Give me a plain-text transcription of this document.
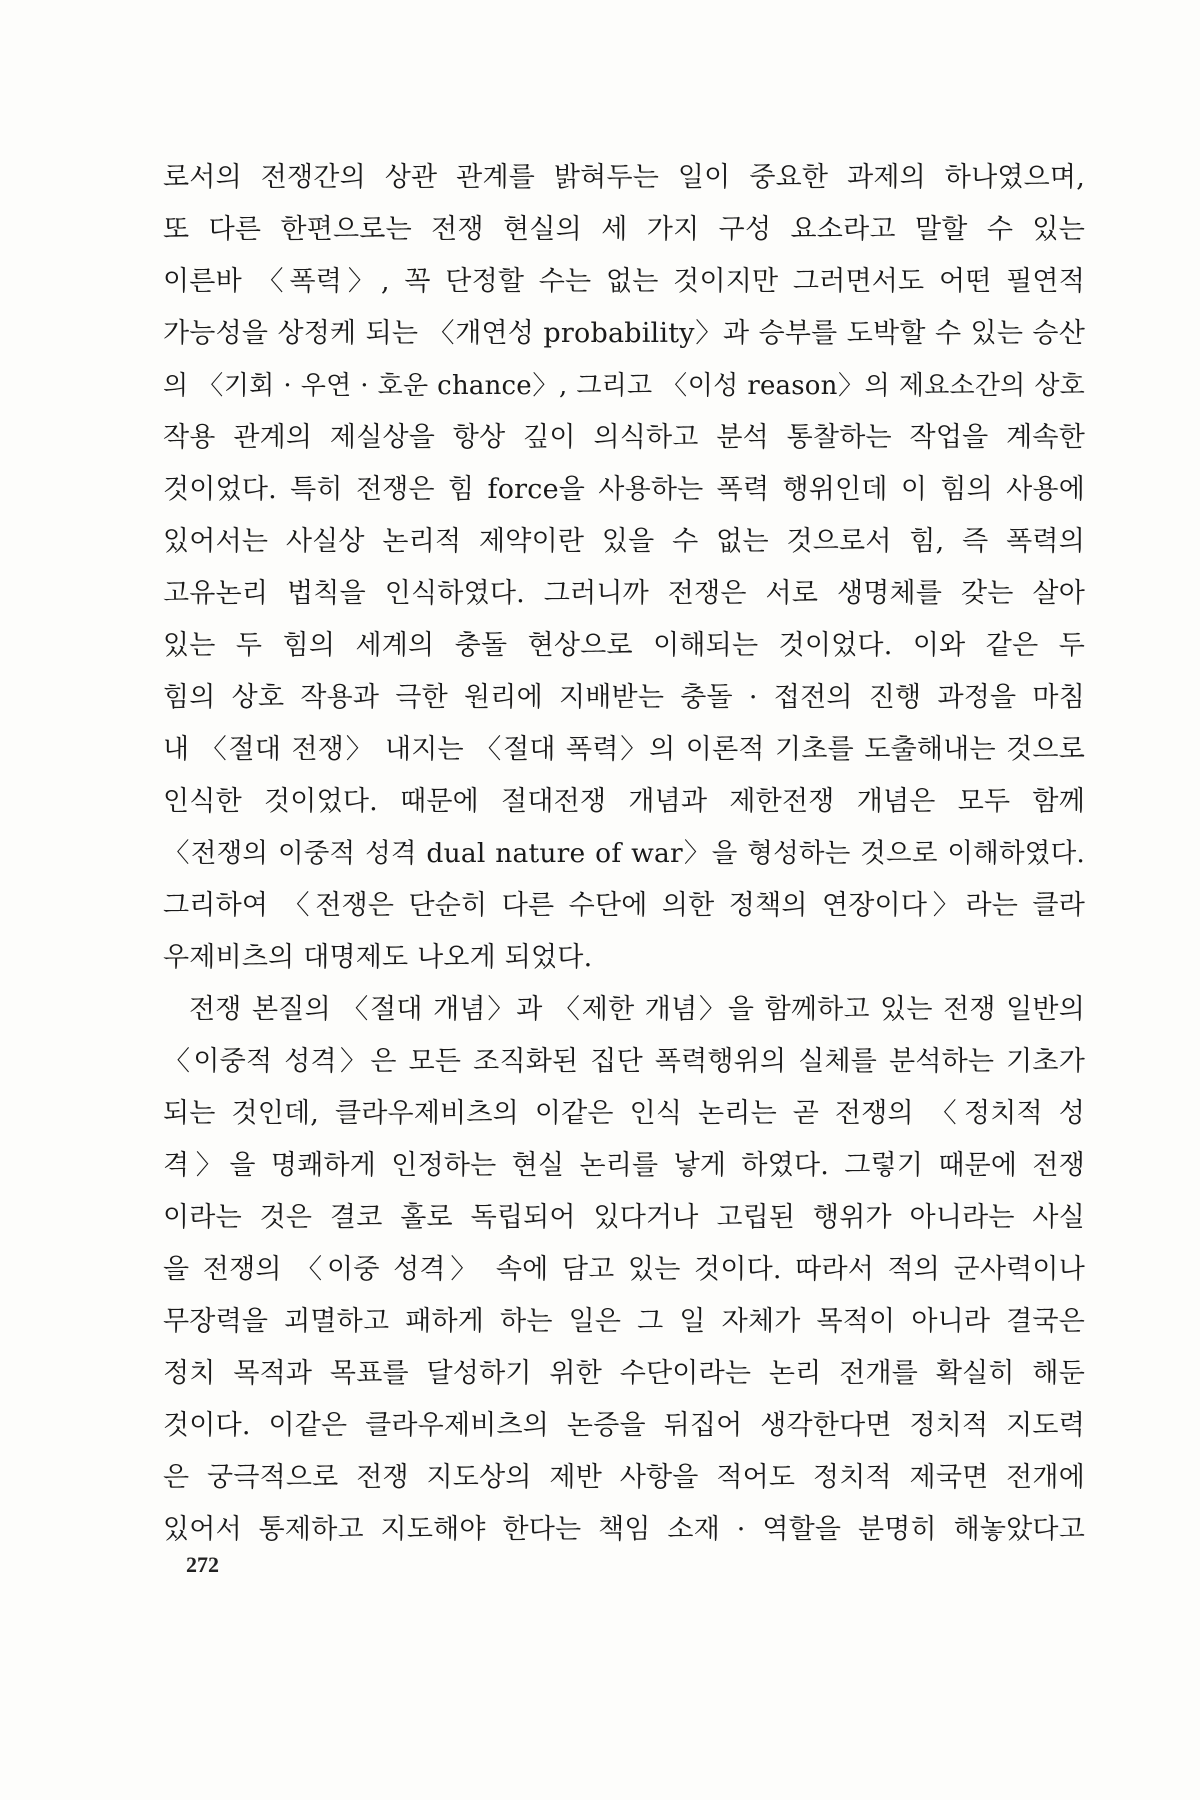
로서의 전쟁간의 상관 관계를 밝혀두는 일이 중요한 과제의 하나였으며,
또 다른 한편으로는 전쟁 현실의 세 가지 구성 요소라고 말할 수 있는
이른바 〈폭력〉, 꼭 단정할 수는 없는 것이지만 그러면서도 어떤 필연적
가능성을 상정케 되는 〈개연성 probability〉과 승부를 도박할 수 있는 승산
의 〈기회 · 우연 · 호운 chance〉, 그리고 〈이성 reason〉의 제요소간의 상호
작용 관계의 제실상을 항상 깊이 의식하고 분석 통찰하는 작업을 계속한
것이었다. 특히 전쟁은 힘 force을 사용하는 폭력 행위인데 이 힘의 사용에
있어서는 사실상 논리적 제약이란 있을 수 없는 것으로서 힘, 즉 폭력의
고유논리 법칙을 인식하였다. 그러니까 전쟁은 서로 생명체를 갖는 살아
있는 두 힘의 세계의 충돌 현상으로 이해되는 것이었다. 이와 같은 두
힘의 상호 작용과 극한 원리에 지배받는 충돌 · 접전의 진행 과정을 마침
내 〈절대 전쟁〉 내지는 〈절대 폭력〉의 이론적 기초를 도출해내는 것으로
인식한 것이었다. 때문에 절대전쟁 개념과 제한전쟁 개념은 모두 함께
〈전쟁의 이중적 성격 dual nature of war〉을 형성하는 것으로 이해하였다.
그리하여 〈전쟁은 단순히 다른 수단에 의한 정책의 연장이다〉라는 클라
우제비츠의 대명제도 나오게 되었다.
전쟁 본질의 〈절대 개념〉과 〈제한 개념〉을 함께하고 있는 전쟁 일반의
〈이중적 성격〉은 모든 조직화된 집단 폭력행위의 실체를 분석하는 기초가
되는 것인데, 클라우제비츠의 이같은 인식 논리는 곧 전쟁의 〈정치적 성
격〉을 명쾌하게 인정하는 현실 논리를 낳게 하였다. 그렇기 때문에 전쟁
이라는 것은 결코 홀로 독립되어 있다거나 고립된 행위가 아니라는 사실
을 전쟁의 〈이중 성격〉 속에 담고 있는 것이다. 따라서 적의 군사력이나
무장력을 괴멸하고 패하게 하는 일은 그 일 자체가 목적이 아니라 결국은
정치 목적과 목표를 달성하기 위한 수단이라는 논리 전개를 확실히 해둔
것이다. 이같은 클라우제비츠의 논증을 뒤집어 생각한다면 정치적 지도력
은 궁극적으로 전쟁 지도상의 제반 사항을 적어도 정치적 제국면 전개에
있어서 통제하고 지도해야 한다는 책임 소재 · 역할을 분명히 해놓았다고
272
